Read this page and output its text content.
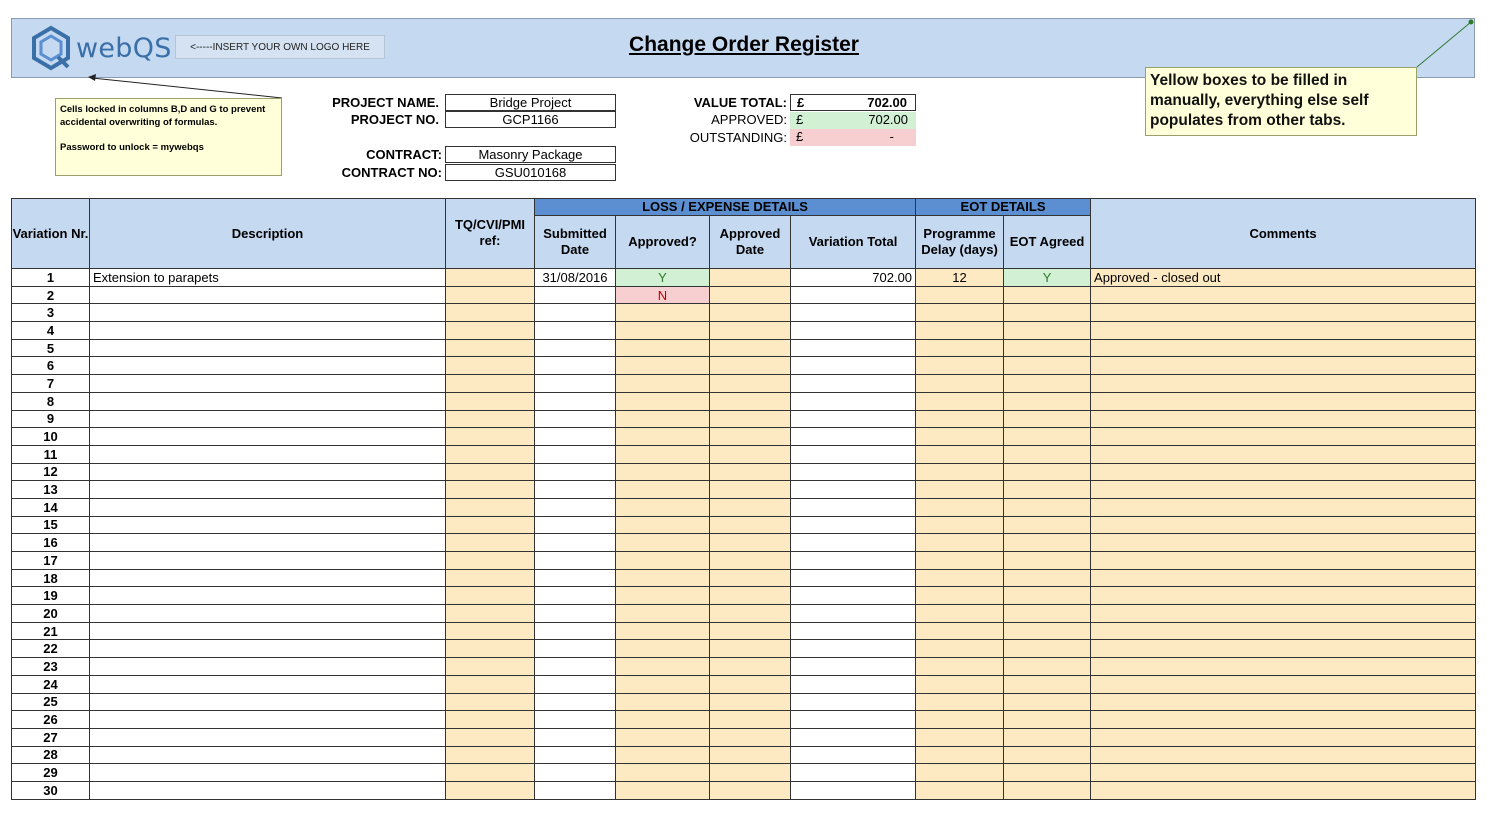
webQS	<-----INSERT YOUR OWN LOGO HERE	Change Order Register
Cells locked in columns B,D and G to prevent accidental overwriting of formulas.
Password to unlock = mywebqs
Yellow boxes to be filled in manually, everything else self populates from other tabs.
PROJECT NAME.	Bridge Project
PROJECT NO.	GCP1166
CONTRACT:	Masonry Package
CONTRACT NO:	GSU010168
VALUE TOTAL: £	702.00
APPROVED: £	702.00
OUTSTANDING: £	-
Variation Nr.	Description	TQ/CVI/PMI ref:	LOSS / EXPENSE DETAILS				EOT DETAILS		Comments
			Submitted Date	Approved?	Approved Date	Variation Total	Programme Delay (days)	EOT Agreed	
1	Extension to parapets		31/08/2016	Y		702.00	12	Y	Approved - closed out
2				N					
3									
4									
5									
6									
7									
8									
9									
10									
11									
12									
13									
14									
15									
16									
17									
18									
19									
20									
21									
22									
23									
24									
25									
26									
27									
28									
29									
30									
